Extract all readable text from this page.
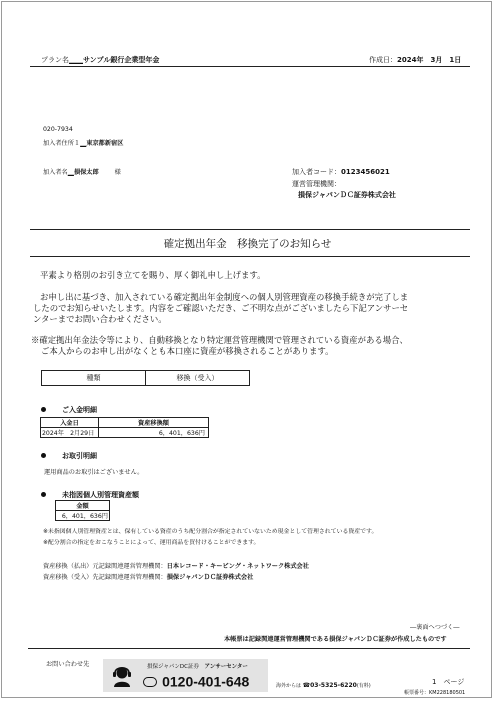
プラン名＿＿サンプル銀行企業型年金	作成日：2024年　3月　1日
020-7934
加入者住所１＿東京都新宿区
加入者名＿損保太郎	様	加入者コード：0123456021
運営管理機関：
損保ジャパンＤＣ証券株式会社
確定拠出年金　移換完了のお知らせ
平素より格別のお引き立てを賜り、厚く御礼申し上げます。
お申し出に基づき、加入されている確定拠出年金制度への個人別管理資産の移換手続きが完了しま
したのでお知らせいたします。内容をご確認いただき、ご不明な点がございましたら下記アンサーセ
ンターまでお問い合わせください。
※確定拠出年金法令等により、自動移換となり特定運営管理機関で管理されている資産がある場合、
ご本人からのお申し出がなくとも本口座に資産が移換されることがあります。
種類	移換（受入）
ご入金明細
入金日	資産移換額
2024年　2月29日	6，401，636円
お取引明細
運用商品のお取引はございません。
未指図個人別管理資産額
金額
6，401，636円
※未指図個人別管理資産とは、保有している資産のうち配分割合が指定されていないため現金として管理されている資産です。
※配分割合の指定をおこなうことによって、運用商品を買付けることができます。
資産移換（払出）元記録関連運営管理機関：日本レコード・キーピング・ネットワーク株式会社
資産移換（受入）先記録関連運営管理機関：損保ジャパンＤＣ証券株式会社
―裏面へつづく―
本帳票は記録関連運営管理機関である損保ジャパンＤＣ証券が作成したものです
お問い合わせ先	損保ジャパンDC証券　 アンサーセンター
0120-401-648	海外からは ☎03-5325-6220(有料)	1　ページ
帳票番号：KM228180501
